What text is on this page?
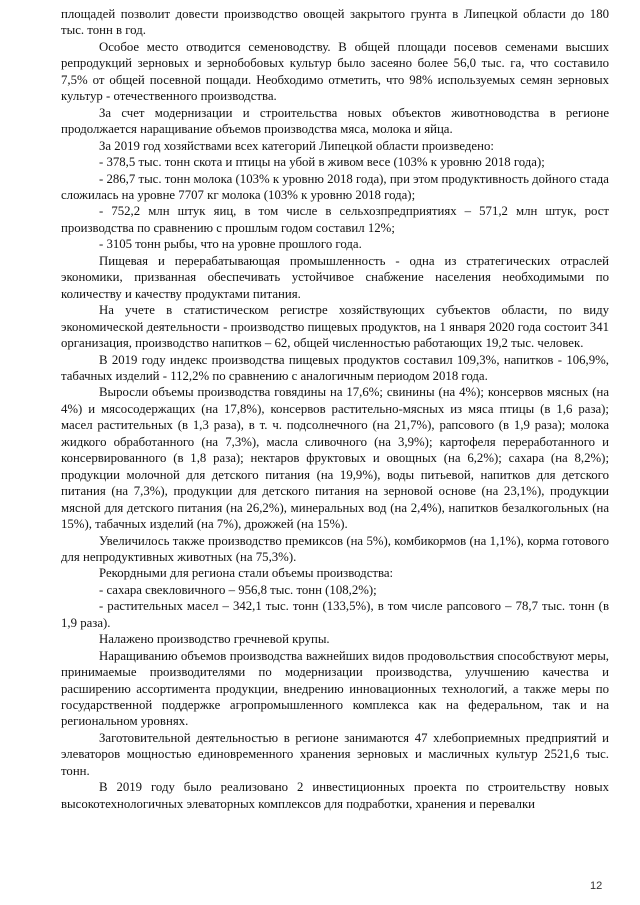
площадей позволит довести производство овощей закрытого грунта в Липецкой области до 180 тыс. тонн в год.

Особое место отводится семеноводству. В общей площади посевов семенами высших репродукций зерновых и зернобобовых культур было засеяно более 56,0 тыс. га, что составило 7,5% от общей посевной пощади. Необходимо отметить, что 98% используемых семян зерновых культур - отечественного производства.

За счет модернизации и строительства новых объектов животноводства в регионе продолжается наращивание объемов производства мяса, молока и яйца.

За 2019 год хозяйствами всех категорий Липецкой области произведено:

- 378,5 тыс. тонн скота и птицы на убой в живом весе (103% к уровню 2018 года);

- 286,7 тыс. тонн молока (103% к уровню 2018 года), при этом продуктивность дойного стада сложилась на уровне 7707 кг молока (103% к уровню 2018 года);

- 752,2 млн штук яиц, в том числе в сельхозпредприятиях – 571,2 млн штук, рост производства по сравнению с прошлым годом составил 12%;

- 3105 тонн рыбы, что на уровне прошлого года.

Пищевая и перерабатывающая промышленность - одна из стратегических отраслей экономики, призванная обеспечивать устойчивое снабжение населения необходимыми по количеству и качеству продуктами питания.

На учете в статистическом регистре хозяйствующих субъектов области, по виду экономической деятельности - производство пищевых продуктов, на 1 января 2020 года состоит 341 организация, производство напитков – 62, общей численностью работающих 19,2 тыс. человек.

В 2019 году индекс производства пищевых продуктов составил 109,3%, напитков - 106,9%, табачных изделий - 112,2% по сравнению с аналогичным периодом 2018 года.

Выросли объемы производства говядины на 17,6%; свинины (на 4%); консервов мясных (на 4%) и мясосодержащих (на 17,8%), консервов растительно-мясных из мяса птицы (в 1,6 раза); масел растительных (в 1,3 раза), в т. ч. подсолнечного (на 21,7%), рапсового (в 1,9 раза); молока жидкого обработанного (на 7,3%), масла сливочного (на 3,9%); картофеля переработанного и консервированного (в 1,8 раза); нектаров фруктовых и овощных (на 6,2%); сахара (на 8,2%); продукции молочной для детского питания (на 19,9%), воды питьевой, напитков для детского питания (на 7,3%), продукции для детского питания на зерновой основе (на 23,1%), продукции мясной для детского питания (на 26,2%), минеральных вод (на 2,4%), напитков безалкогольных (на 15%), табачных изделий (на 7%), дрожжей (на 15%).

Увеличилось также производство премиксов (на 5%), комбикормов (на 1,1%), корма готового для непродуктивных животных (на 75,3%).

Рекордными для региона стали объемы производства:

- сахара свекловичного – 956,8 тыс. тонн (108,2%);

- растительных масел – 342,1 тыс. тонн (133,5%), в том числе рапсового – 78,7 тыс. тонн (в 1,9 раза).

Налажено производство гречневой крупы.

Наращиванию объемов производства важнейших видов продовольствия способствуют меры, принимаемые производителями по модернизации производства, улучшению качества и расширению ассортимента продукции, внедрению инновационных технологий, а также меры по государственной поддержке агропромышленного комплекса как на федеральном, так и на региональном уровнях.

Заготовительной деятельностью в регионе занимаются 47 хлебоприемных предприятий и элеваторов мощностью единовременного хранения зерновых и масличных культур 2521,6 тыс. тонн.

В 2019 году было реализовано 2 инвестиционных проекта по строительству новых высокотехнологичных элеваторных комплексов для подработки, хранения и перевалки

12
